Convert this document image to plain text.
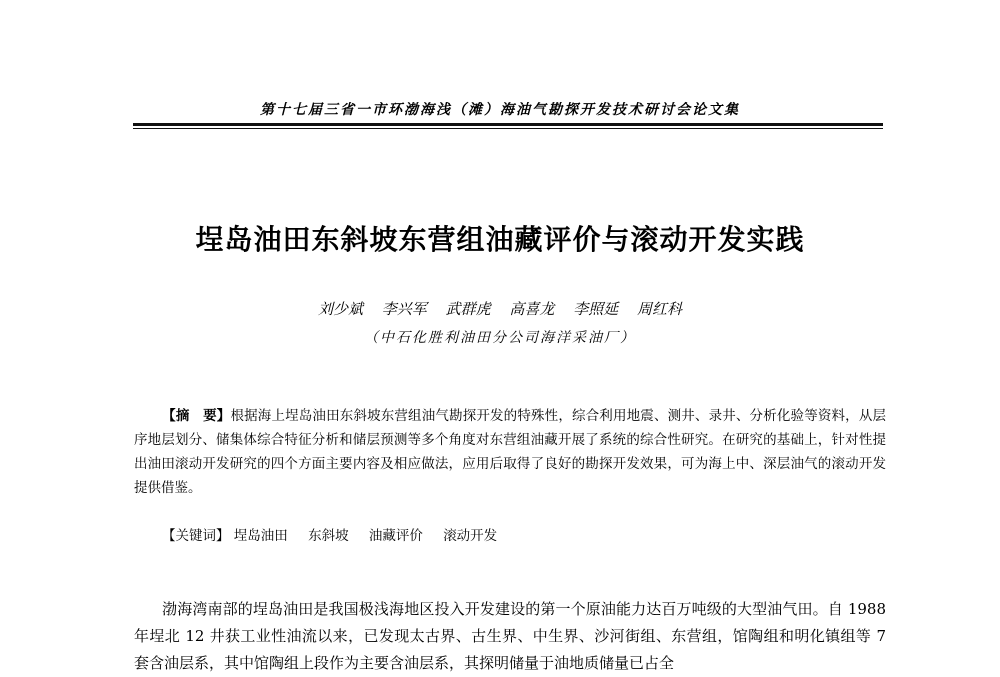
第十七届三省一市环渤海浅（滩）海油气勘探开发技术研讨会论文集
埕岛油田东斜坡东营组油藏评价与滚动开发实践
刘少斌 李兴军 武群虎 高喜龙 李照延 周红科
（中石化胜利油田分公司海洋采油厂）
【摘　要】根据海上埕岛油田东斜坡东营组油气勘探开发的特殊性，综合利用地震、测井、录井、分析化验等资料，从层序地层划分、储集体综合特征分析和储层预测等多个角度对东营组油藏开展了系统的综合性研究。在研究的基础上，针对性提出油田滚动开发研究的四个方面主要内容及相应做法，应用后取得了良好的勘探开发效果，可为海上中、深层油气的滚动开发提供借鉴。
【关键词】 埕岛油田 东斜坡 油藏评价 滚动开发
渤海湾南部的埕岛油田是我国极浅海地区投入开发建设的第一个原油能力达百万吨级的大型油气田。自 1988 年埕北 12 井获工业性油流以来，已发现太古界、古生界、中生界、沙河街组、东营组，馆陶组和明化镇组等 7 套含油层系，其中馆陶组上段作为主要含油层系，其探明储量于油地质储量已占全
